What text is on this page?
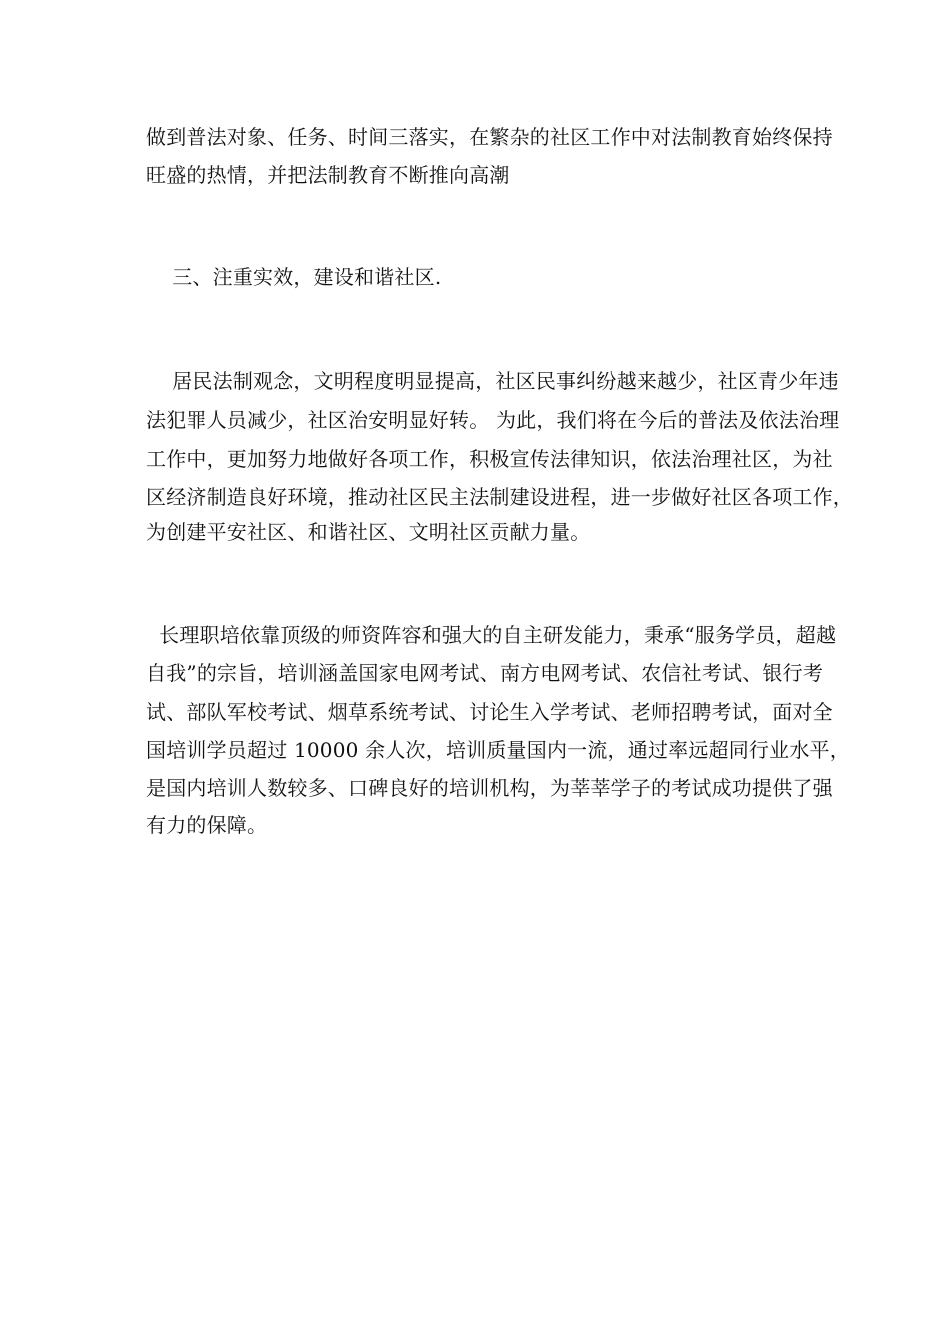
做到普法对象、任务、时间三落实，在繁杂的社区工作中对法制教育始终保持

旺盛的热情，并把法制教育不断推向高潮

三、注重实效，建设和谐社区.

居民法制观念，文明程度明显提高，社区民事纠纷越来越少，社区青少年违

法犯罪人员减少，社区治安明显好转。 为此，我们将在今后的普法及依法治理

工作中，更加努力地做好各项工作，积极宣传法律知识，依法治理社区，为社

区经济制造良好环境，推动社区民主法制建设进程，进一步做好社区各项工作，

为创建平安社区、和谐社区、文明社区贡献力量。

长理职培依靠顶级的师资阵容和强大的自主研发能力，秉承“服务学员，超越

自我”的宗旨，培训涵盖国家电网考试、南方电网考试、农信社考试、银行考

试、部队军校考试、烟草系统考试、讨论生入学考试、老师招聘考试，面对全

国培训学员超过 10000 余人次，培训质量国内一流，通过率远超同行业水平，

是国内培训人数较多、口碑良好的培训机构，为莘莘学子的考试成功提供了强

有力的保障。
